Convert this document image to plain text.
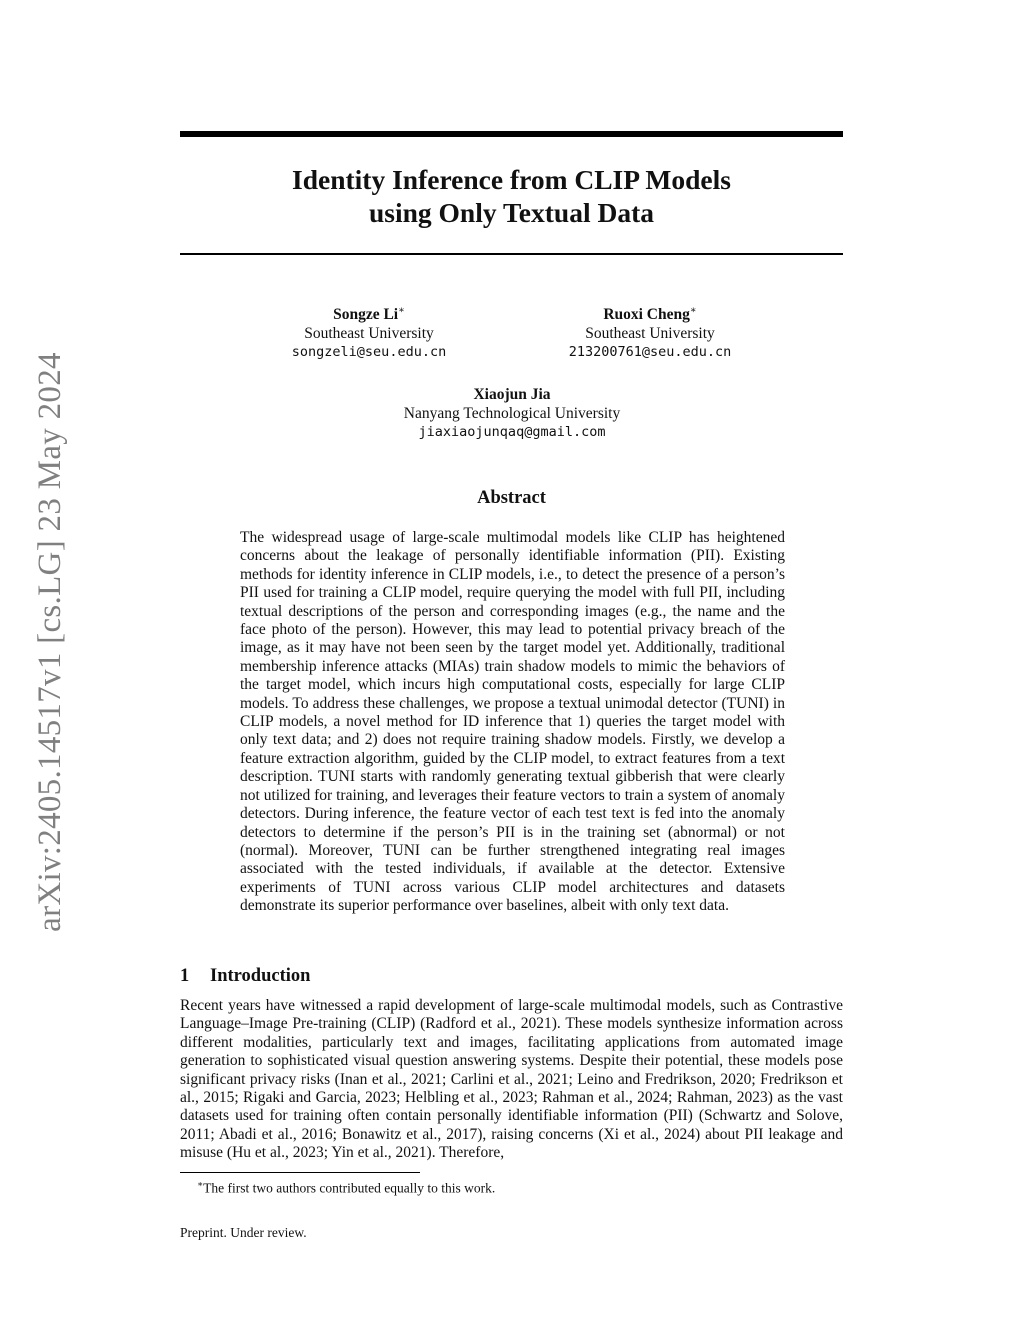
arXiv:2405.14517v1 [cs.LG] 23 May 2024
Identity Inference from CLIP Models
using Only Textual Data
Songze Li∗
Southeast University
songzeli@seu.edu.cn
Ruoxi Cheng∗
Southeast University
213200761@seu.edu.cn
Xiaojun Jia
Nanyang Technological University
jiaxiaojunqaq@gmail.com
Abstract

The widespread usage of large-scale multimodal models like CLIP has heightened concerns about the leakage of personally identifiable information (PII). Existing methods for identity inference in CLIP models, i.e., to detect the presence of a person’s PII used for training a CLIP model, require querying the model with full PII, including textual descriptions of the person and corresponding images (e.g., the name and the face photo of the person). However, this may lead to potential privacy breach of the image, as it may have not been seen by the target model yet. Additionally, traditional membership inference attacks (MIAs) train shadow models to mimic the behaviors of the target model, which incurs high computational costs, especially for large CLIP models. To address these challenges, we propose a textual unimodal detector (TUNI) in CLIP models, a novel method for ID inference that 1) queries the target model with only text data; and 2) does not require training shadow models. Firstly, we develop a feature extraction algorithm, guided by the CLIP model, to extract features from a text description. TUNI starts with randomly generating textual gibberish that were clearly not utilized for training, and leverages their feature vectors to train a system of anomaly detectors. During inference, the feature vector of each test text is fed into the anomaly detectors to determine if the person’s PII is in the training set (abnormal) or not (normal). Moreover, TUNI can be further strengthened integrating real images associated with the tested individuals, if available at the detector. Extensive experiments of TUNI across various CLIP model architectures and datasets demonstrate its superior performance over baselines, albeit with only text data.

1 Introduction

Recent years have witnessed a rapid development of large-scale multimodal models, such as Contrastive Language–Image Pre-training (CLIP) (Radford et al., 2021). These models synthesize information across different modalities, particularly text and images, facilitating applications from automated image generation to sophisticated visual question answering systems. Despite their potential, these models pose significant privacy risks (Inan et al., 2021; Carlini et al., 2021; Leino and Fredrikson, 2020; Fredrikson et al., 2015; Rigaki and Garcia, 2023; Helbling et al., 2023; Rahman et al., 2024; Rahman, 2023) as the vast datasets used for training often contain personally identifiable information (PII) (Schwartz and Solove, 2011; Abadi et al., 2016; Bonawitz et al., 2017), raising concerns (Xi et al., 2024) about PII leakage and misuse (Hu et al., 2023; Yin et al., 2021). Therefore,

∗The first two authors contributed equally to this work.
Preprint. Under review.
